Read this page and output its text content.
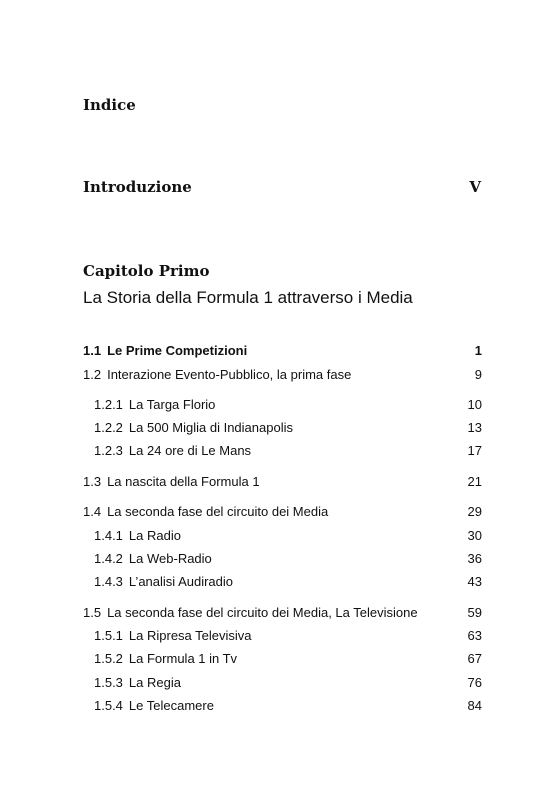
Indice
Introduzione	V
Capitolo Primo
La Storia della Formula 1 attraverso i Media
1.1 Le Prime Competizioni	1
1.2 Interazione Evento-Pubblico, la prima fase	9
1.2.1 La Targa Florio	10
1.2.2 La 500 Miglia di Indianapolis	13
1.2.3 La 24 ore di Le Mans	17
1.3 La nascita della Formula 1	21
1.4 La seconda fase del circuito dei Media	29
1.4.1 La Radio	30
1.4.2 La Web-Radio	36
1.4.3 L’analisi Audiradio	43
1.5 La seconda fase del circuito dei Media, La Televisione	59
1.5.1 La Ripresa Televisiva	63
1.5.2 La Formula 1 in Tv	67
1.5.3 La Regia	76
1.5.4 Le Telecamere	84
